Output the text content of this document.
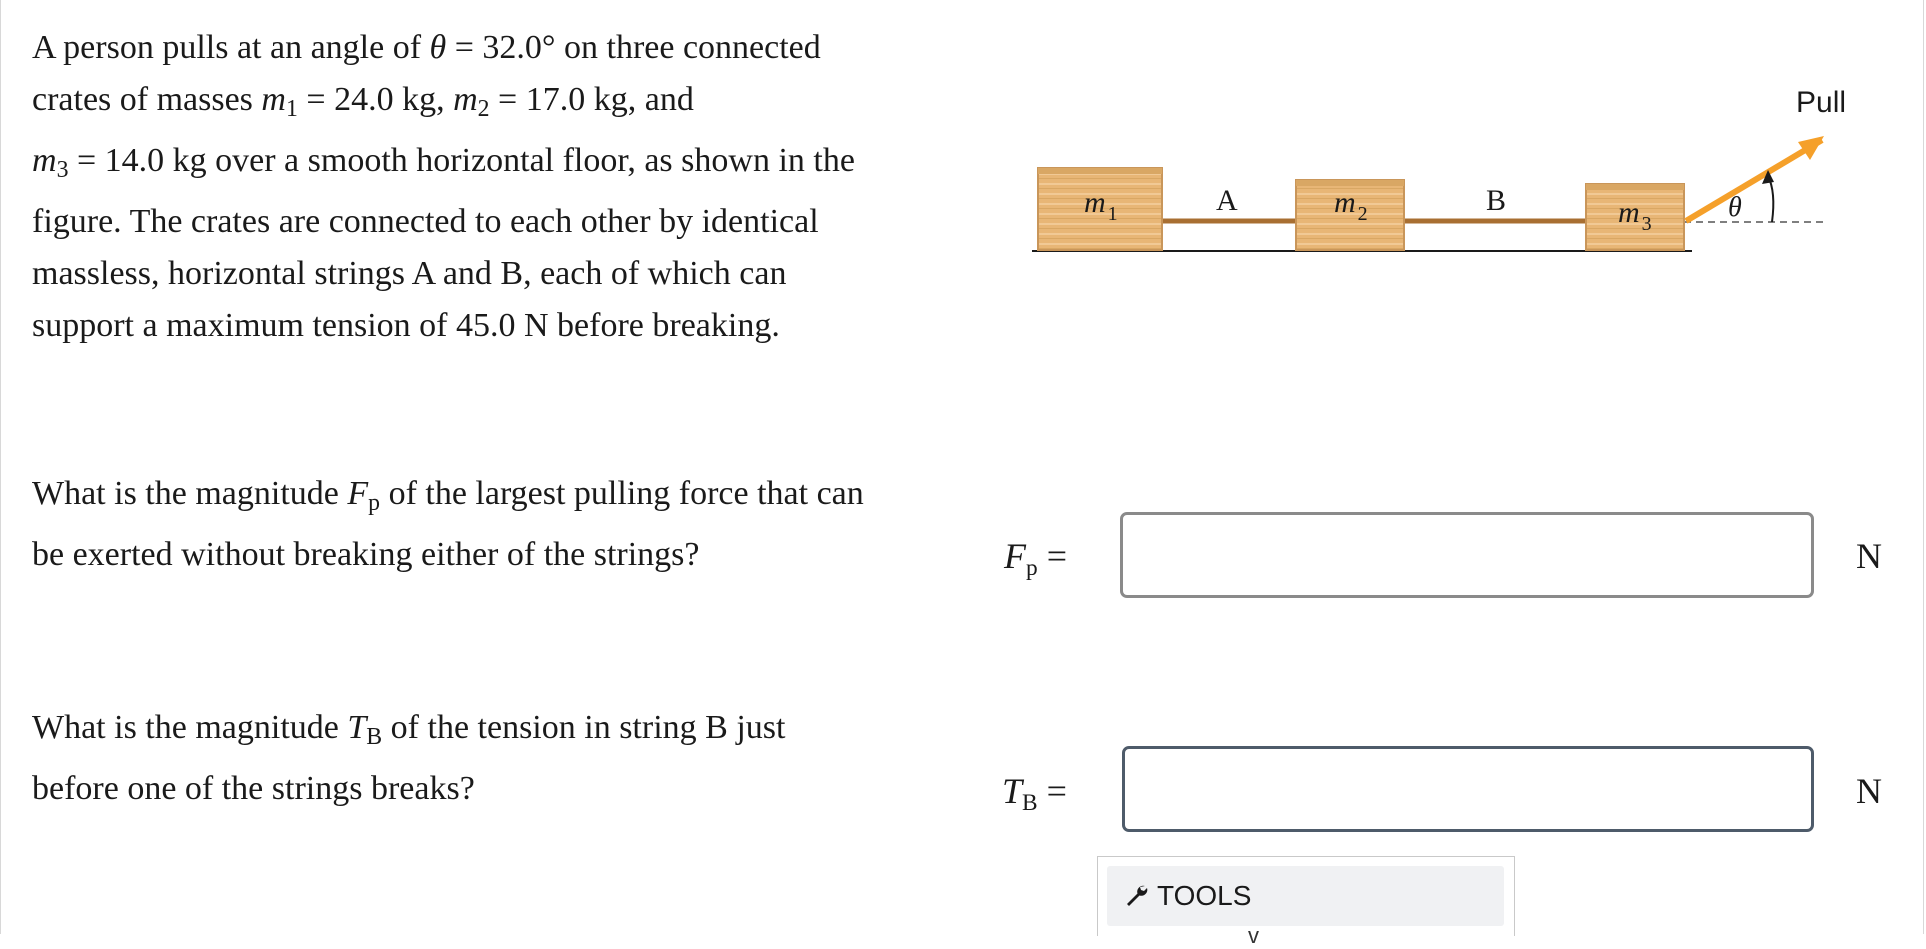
A person pulls at an angle of θ = 32.0° on three connected

crates of masses $m_1 = 24.0$ kg, $m_2 = 17.0$ kg, and

$m_3 = 14.0$ kg over a smooth horizontal floor, as shown in the

figure. The crates are connected to each other by identical

massless, horizontal strings A and B, each of which can

support a maximum tension of 45.0 N before breaking.

m $_1$	m $_2$	m $_3$
A	B
Pull
θ
What is the magnitude $F_p$ of the largest pulling force that can
be exerted without breaking either of the strings?	$F_p$ =	N
What is the magnitude $T_B$ of the tension in string B just
before one of the strings breaks?	$T_B$ =	N
TOOLS
v
